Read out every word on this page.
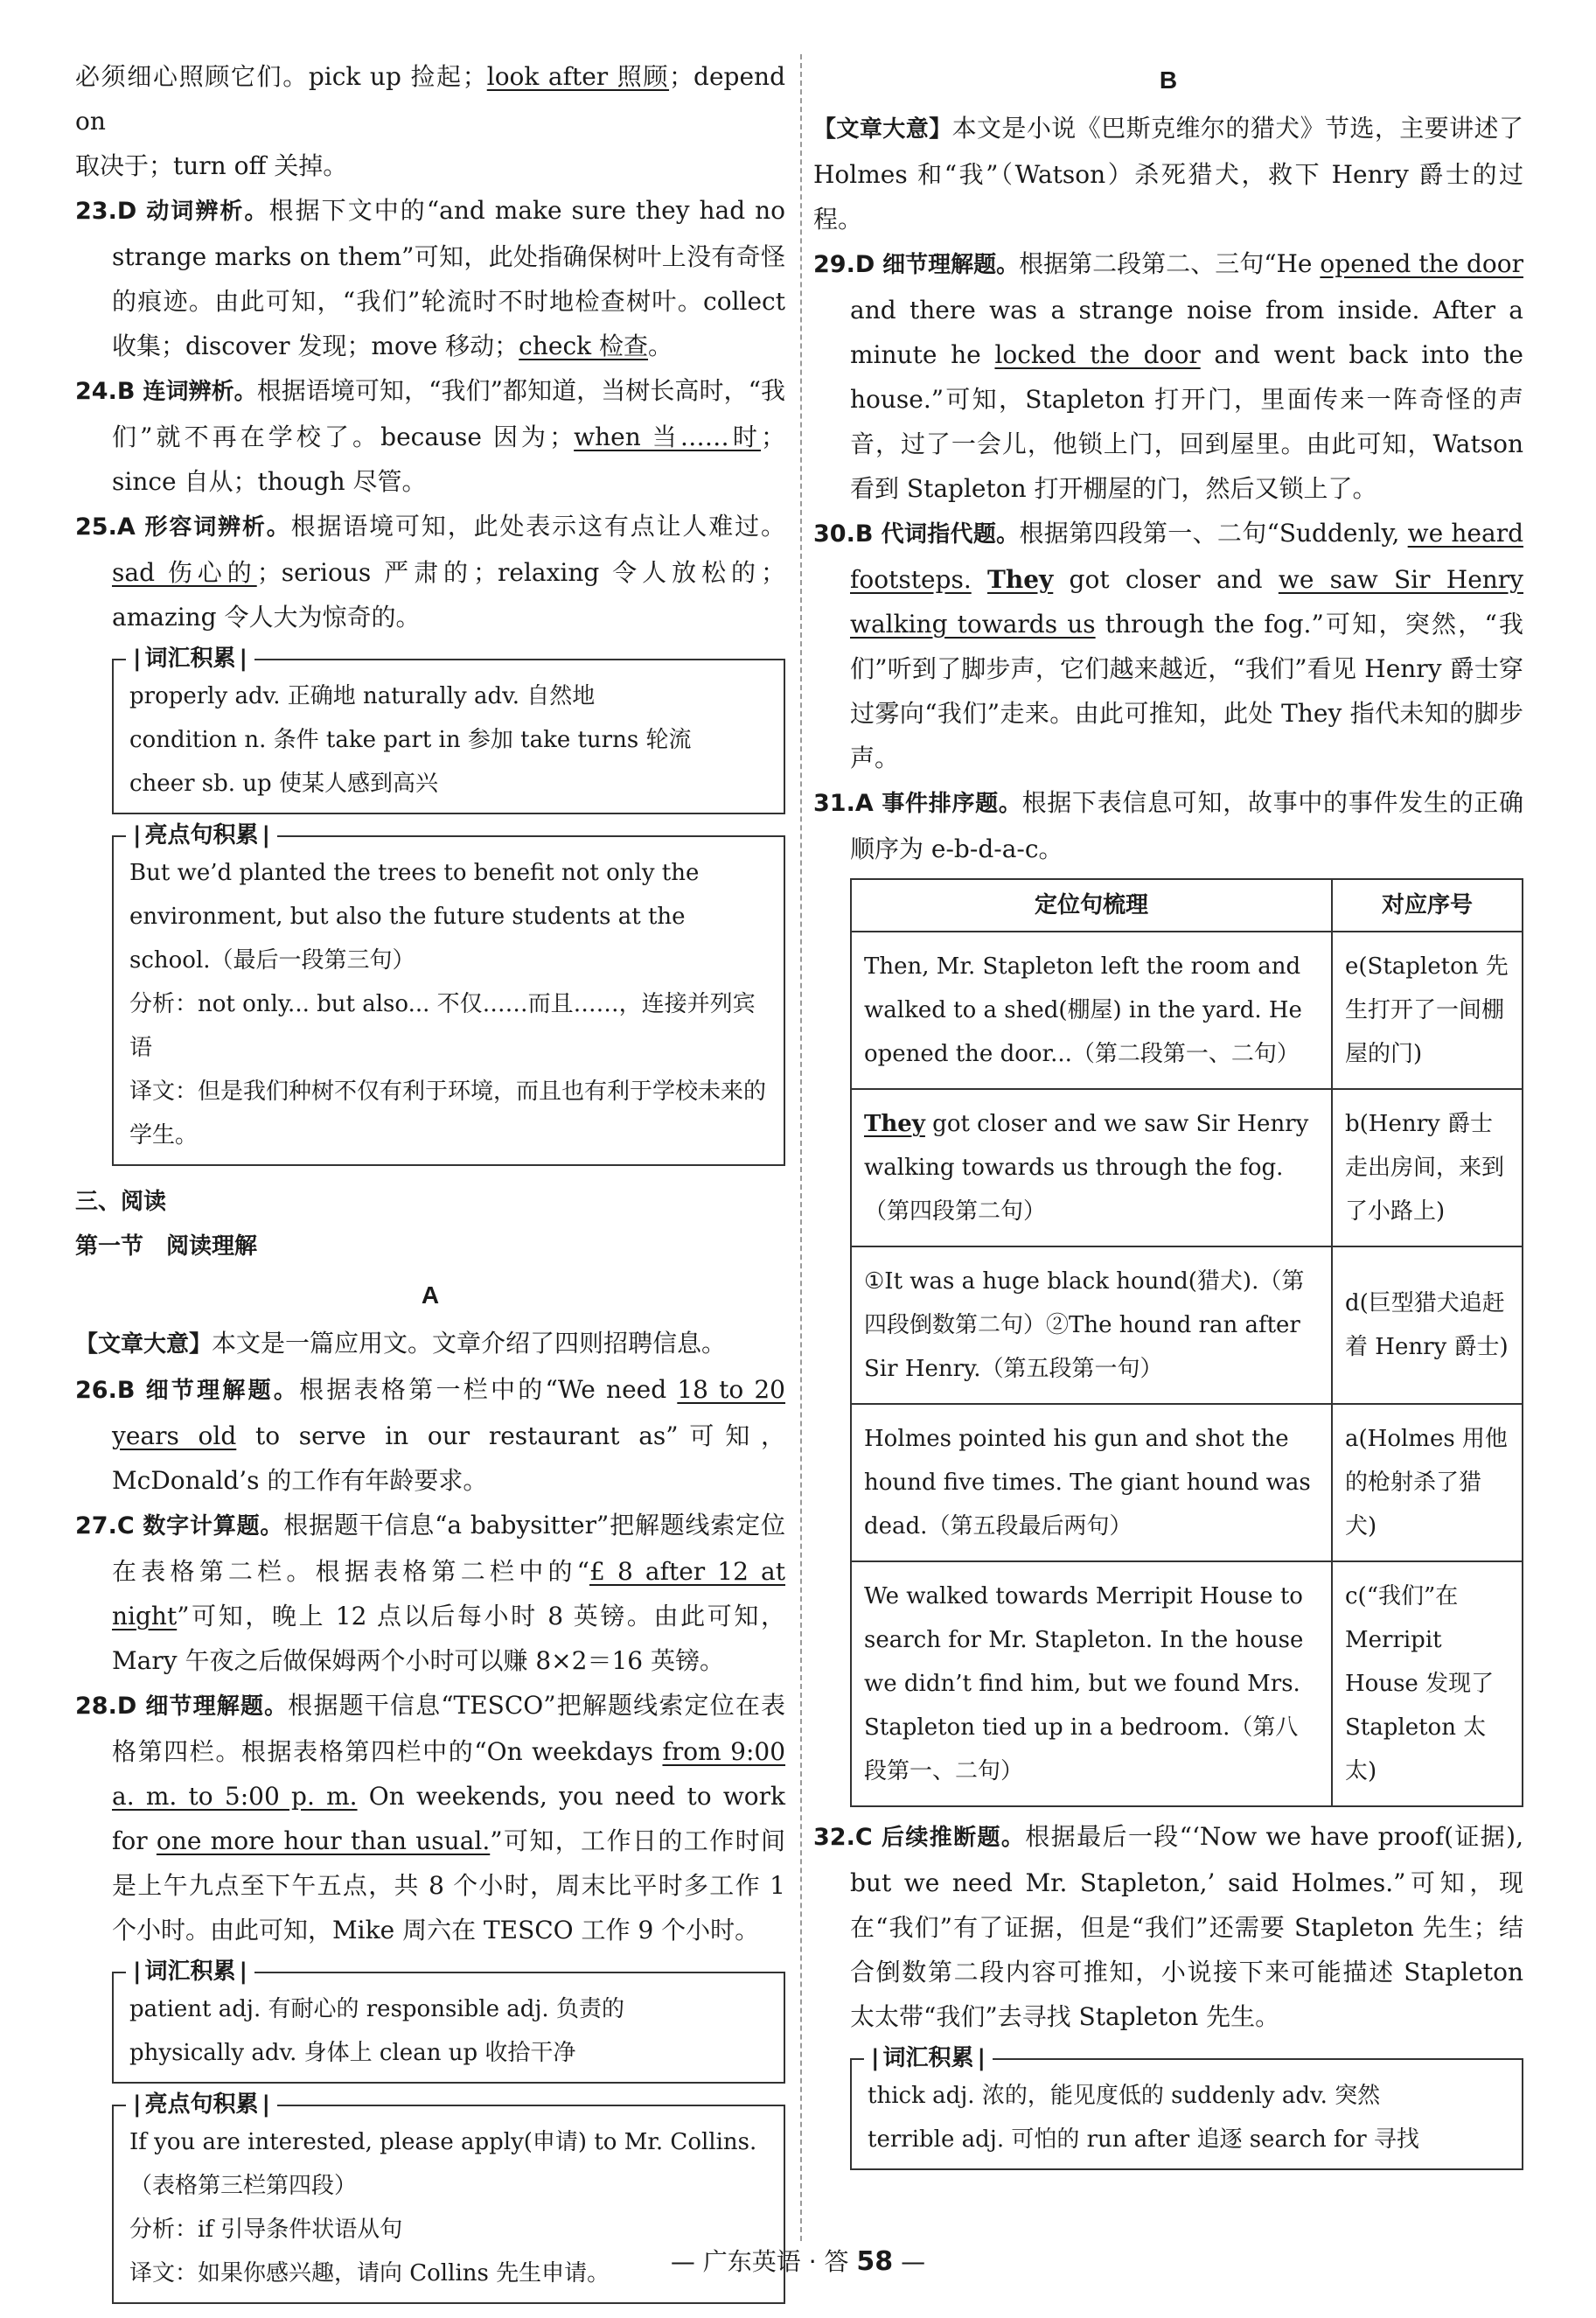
必须细心照顾它们。pick up 捡起；look after 照顾；depend on
取决于；turn off 关掉。

23.D 动词辨析。根据下文中的“and make sure they had no strange marks on them”可知，此处指确保树叶上没有奇怪的痕迹。由此可知，“我们”轮流时不时地检查树叶。collect 收集；discover 发现；move 移动；check 检查。

24.B 连词辨析。根据语境可知，“我们”都知道，当树长高时，“我们”就不再在学校了。because 因为；when 当……时；since 自从；though 尽管。

25.A 形容词辨析。根据语境可知，此处表示这有点让人难过。sad 伤心的；serious 严肃的；relaxing 令人放松的；amazing 令人大为惊奇的。

| 词汇积累 |

properly adv. 正确地 naturally adv. 自然地

condition n. 条件 take part in 参加 take turns 轮流

cheer sb. up 使某人感到高兴

| 亮点句积累 |

But we’d planted the trees to benefit not only the environment, but also the future students at the school.（最后一段第三句）

分析：not only... but also... 不仅……而且……，连接并列宾语

译文：但是我们种树不仅有利于环境，而且也有利于学校未来的学生。

三、阅读

第一节　阅读理解

A

【文章大意】本文是一篇应用文。文章介绍了四则招聘信息。

26.B 细节理解题。根据表格第一栏中的“We need 18 to 20 years old to serve in our restaurant as”可知，McDonald’s 的工作有年龄要求。

27.C 数字计算题。根据题干信息“a babysitter”把解题线索定位在表格第二栏。根据表格第二栏中的“£ 8 after 12 at night”可知，晚上 12 点以后每小时 8 英镑。由此可知，Mary 午夜之后做保姆两个小时可以赚 8×2＝16 英镑。

28.D 细节理解题。根据题干信息“TESCO”把解题线索定位在表格第四栏。根据表格第四栏中的“On weekdays from 9:00 a. m. to 5:00 p. m. On weekends, you need to work for one more hour than usual.”可知，工作日的工作时间是上午九点至下午五点，共 8 个小时，周末比平时多工作 1 个小时。由此可知，Mike 周六在 TESCO 工作 9 个小时。

| 词汇积累 |

patient adj. 有耐心的 responsible adj. 负责的

physically adv. 身体上 clean up 收拾干净

| 亮点句积累 |

If you are interested, please apply(申请) to Mr. Collins.（表格第三栏第四段）

分析：if 引导条件状语从句

译文：如果你感兴趣，请向 Collins 先生申请。

B

【文章大意】本文是小说《巴斯克维尔的猎犬》节选，主要讲述了 Holmes 和“我”（Watson）杀死猎犬，救下 Henry 爵士的过程。

29.D 细节理解题。根据第二段第二、三句“He opened the door and there was a strange noise from inside. After a minute he locked the door and went back into the house.”可知，Stapleton 打开门，里面传来一阵奇怪的声音，过了一会儿，他锁上门，回到屋里。由此可知，Watson 看到 Stapleton 打开棚屋的门，然后又锁上了。

30.B 代词指代题。根据第四段第一、二句“Suddenly, we heard footsteps. They got closer and we saw Sir Henry walking towards us through the fog.”可知，突然，“我们”听到了脚步声，它们越来越近，“我们”看见 Henry 爵士穿过雾向“我们”走来。由此可推知，此处 They 指代未知的脚步声。

31.A 事件排序题。根据下表信息可知，故事中的事件发生的正确顺序为 e-b-d-a-c。

定位句梳理	对应序号
Then, Mr. Stapleton left the room and walked to a shed(棚屋) in the yard. He opened the door...（第二段第一、二句）	e(Stapleton 先生打开了一间棚屋的门)
They got closer and we saw Sir Henry walking towards us through the fog.（第四段第二句）	b(Henry 爵士走出房间，来到了小路上)
①It was a huge black hound(猎犬).（第四段倒数第二句）②The hound ran after Sir Henry.（第五段第一句）	d(巨型猎犬追赶着 Henry 爵士)
Holmes pointed his gun and shot the hound five times. The giant hound was dead.（第五段最后两句）	a(Holmes 用他的枪射杀了猎犬)
We walked towards Merripit House to search for Mr. Stapleton. In the house we didn’t find him, but we found Mrs. Stapleton tied up in a bedroom.（第八段第一、二句）	c(“我们”在 Merripit House 发现了 Stapleton 太太)

32.C 后续推断题。根据最后一段“‘Now we have proof(证据), but we need Mr. Stapleton,’ said Holmes.”可知，现在“我们”有了证据，但是“我们”还需要 Stapleton 先生；结合倒数第二段内容可推知，小说接下来可能描述 Stapleton 太太带“我们”去寻找 Stapleton 先生。

| 词汇积累 |

thick adj. 浓的，能见度低的 suddenly adv. 突然

terrible adj. 可怕的 run after 追逐 search for 寻找

— 广东英语 · 答 58 —
